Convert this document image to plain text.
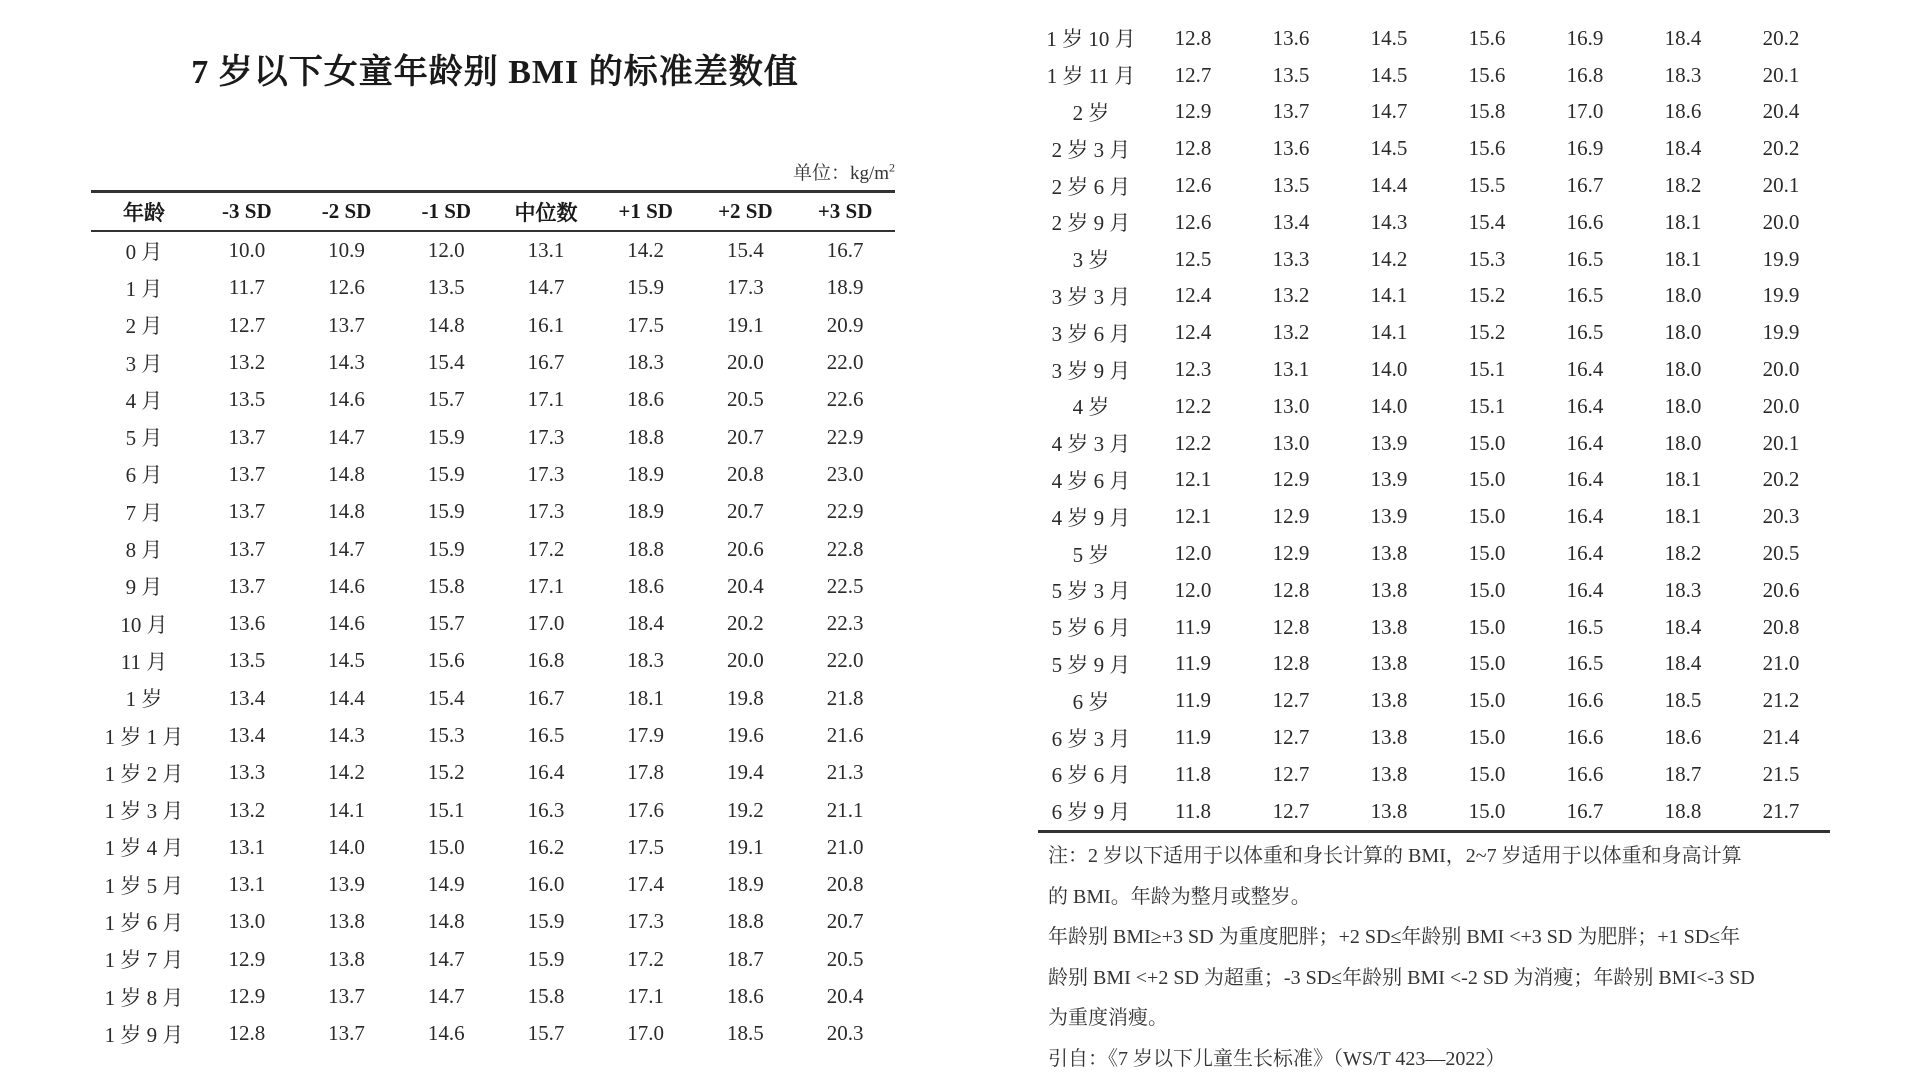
7 岁以下女童年龄别 BMI 的标准差数值
单位：$kg/m^2$
年龄	-3 SD	-2 SD	-1 SD	中位数	+1 SD	+2 SD	+3 SD
0 月	10.0	10.9	12.0	13.1	14.2	15.4	16.7
1 月	11.7	12.6	13.5	14.7	15.9	17.3	18.9
2 月	12.7	13.7	14.8	16.1	17.5	19.1	20.9
3 月	13.2	14.3	15.4	16.7	18.3	20.0	22.0
4 月	13.5	14.6	15.7	17.1	18.6	20.5	22.6
5 月	13.7	14.7	15.9	17.3	18.8	20.7	22.9
6 月	13.7	14.8	15.9	17.3	18.9	20.8	23.0
7 月	13.7	14.8	15.9	17.3	18.9	20.7	22.9
8 月	13.7	14.7	15.9	17.2	18.8	20.6	22.8
9 月	13.7	14.6	15.8	17.1	18.6	20.4	22.5
10 月	13.6	14.6	15.7	17.0	18.4	20.2	22.3
11 月	13.5	14.5	15.6	16.8	18.3	20.0	22.0
1 岁	13.4	14.4	15.4	16.7	18.1	19.8	21.8
1 岁 1 月	13.4	14.3	15.3	16.5	17.9	19.6	21.6
1 岁 2 月	13.3	14.2	15.2	16.4	17.8	19.4	21.3
1 岁 3 月	13.2	14.1	15.1	16.3	17.6	19.2	21.1
1 岁 4 月	13.1	14.0	15.0	16.2	17.5	19.1	21.0
1 岁 5 月	13.1	13.9	14.9	16.0	17.4	18.9	20.8
1 岁 6 月	13.0	13.8	14.8	15.9	17.3	18.8	20.7
1 岁 7 月	12.9	13.8	14.7	15.9	17.2	18.7	20.5
1 岁 8 月	12.9	13.7	14.7	15.8	17.1	18.6	20.4
1 岁 9 月	12.8	13.7	14.6	15.7	17.0	18.5	20.3
1 岁 10 月	12.8	13.6	14.5	15.6	16.9	18.4	20.2
1 岁 11 月	12.7	13.5	14.5	15.6	16.8	18.3	20.1
2 岁	12.9	13.7	14.7	15.8	17.0	18.6	20.4
2 岁 3 月	12.8	13.6	14.5	15.6	16.9	18.4	20.2
2 岁 6 月	12.6	13.5	14.4	15.5	16.7	18.2	20.1
2 岁 9 月	12.6	13.4	14.3	15.4	16.6	18.1	20.0
3 岁	12.5	13.3	14.2	15.3	16.5	18.1	19.9
3 岁 3 月	12.4	13.2	14.1	15.2	16.5	18.0	19.9
3 岁 6 月	12.4	13.2	14.1	15.2	16.5	18.0	19.9
3 岁 9 月	12.3	13.1	14.0	15.1	16.4	18.0	20.0
4 岁	12.2	13.0	14.0	15.1	16.4	18.0	20.0
4 岁 3 月	12.2	13.0	13.9	15.0	16.4	18.0	20.1
4 岁 6 月	12.1	12.9	13.9	15.0	16.4	18.1	20.2
4 岁 9 月	12.1	12.9	13.9	15.0	16.4	18.1	20.3
5 岁	12.0	12.9	13.8	15.0	16.4	18.2	20.5
5 岁 3 月	12.0	12.8	13.8	15.0	16.4	18.3	20.6
5 岁 6 月	11.9	12.8	13.8	15.0	16.5	18.4	20.8
5 岁 9 月	11.9	12.8	13.8	15.0	16.5	18.4	21.0
6 岁	11.9	12.7	13.8	15.0	16.6	18.5	21.2
6 岁 3 月	11.9	12.7	13.8	15.0	16.6	18.6	21.4
6 岁 6 月	11.8	12.7	13.8	15.0	16.6	18.7	21.5
6 岁 9 月	11.8	12.7	13.8	15.0	16.7	18.8	21.7

注：2 岁以下适用于以体重和身长计算的 BMI，2~7 岁适用于以体重和身高计算

的 BMI。年龄为整月或整岁。

年龄别 BMI≥+3 SD 为重度肥胖；+2 SD≤年龄别 BMI <+3 SD 为肥胖；+1 SD≤年

龄别 BMI <+2 SD 为超重；-3 SD≤年龄别 BMI <-2 SD 为消瘦；年龄别 BMI<-3 SD

为重度消瘦。

引自：《7 岁以下儿童生长标准》（WS/T 423—2022）
